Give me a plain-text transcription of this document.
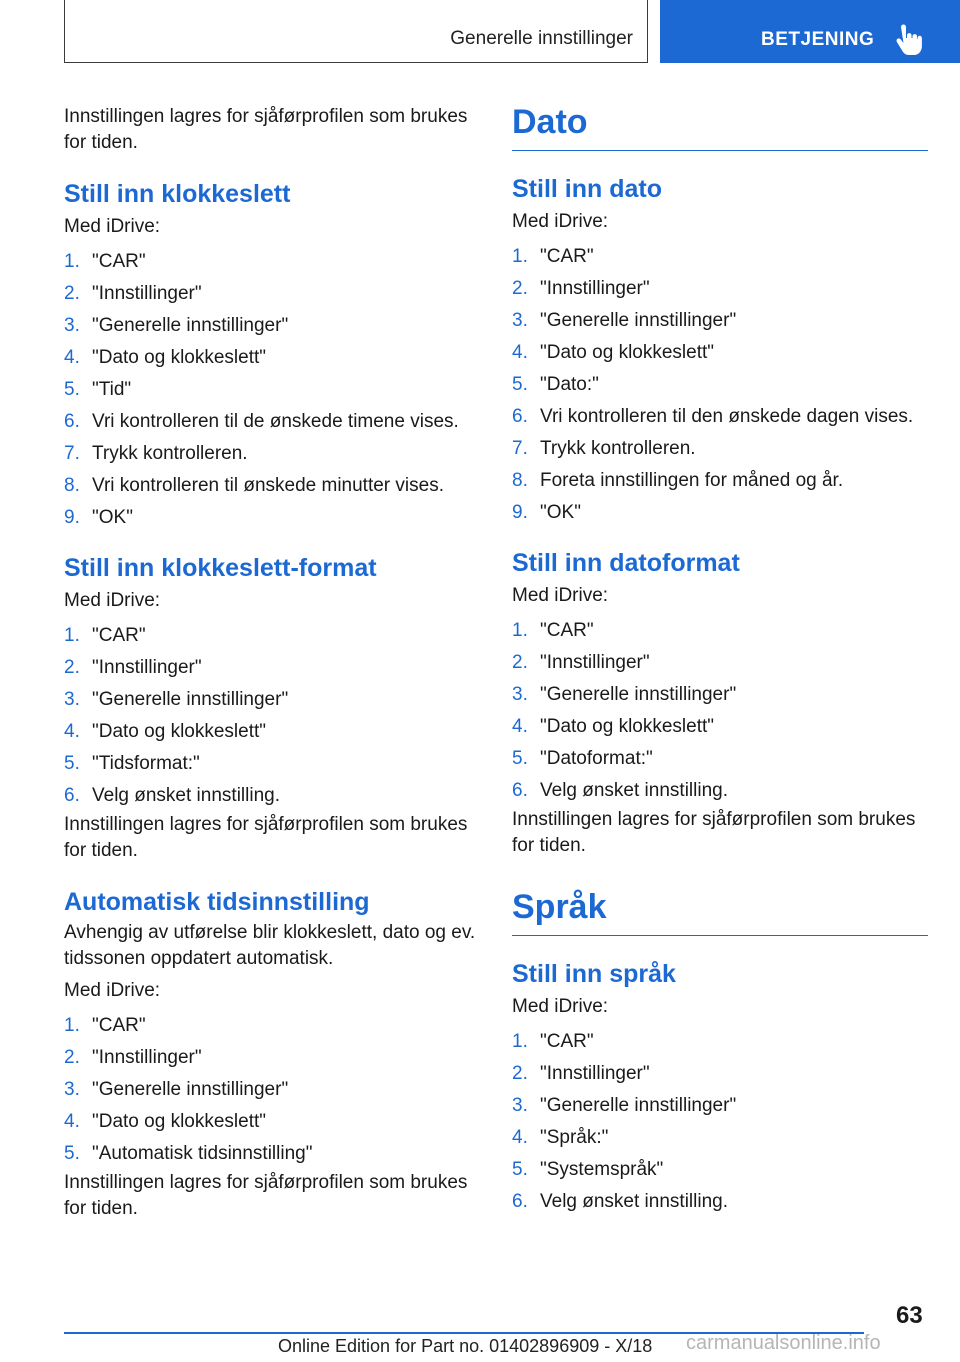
Generelle innstillinger	BETJENING

Innstillingen lagres for sjåførprofilen som brukes for tiden.

Still inn klokkeslett

Med iDrive:

1. "CAR"
2. "Innstillinger"
3. "Generelle innstillinger"
4. "Dato og klokkeslett"
5. "Tid"
6. Vri kontrolleren til de ønskede timene vises.
7. Trykk kontrolleren.
8. Vri kontrolleren til ønskede minutter vises.
9. "OK"
Still inn klokkeslett-format

Med iDrive:

1. "CAR"
2. "Innstillinger"
3. "Generelle innstillinger"
4. "Dato og klokkeslett"
5. "Tidsformat:"
6. Velg ønsket innstilling.

Innstillingen lagres for sjåførprofilen som brukes for tiden.

Automatisk tidsinnstilling

Avhengig av utførelse blir klokkeslett, dato og ev. tidssonen oppdatert automatisk.

Med iDrive:

1. "CAR"
2. "Innstillinger"
3. "Generelle innstillinger"
4. "Dato og klokkeslett"
5. "Automatisk tidsinnstilling"

Innstillingen lagres for sjåførprofilen som brukes for tiden.

Dato
Still inn dato

Med iDrive:

1. "CAR"
2. "Innstillinger"
3. "Generelle innstillinger"
4. "Dato og klokkeslett"
5. "Dato:"
6. Vri kontrolleren til den ønskede dagen vises.
7. Trykk kontrolleren.
8. Foreta innstillingen for måned og år.
9. "OK"
Still inn datoformat

Med iDrive:

1. "CAR"
2. "Innstillinger"
3. "Generelle innstillinger"
4. "Dato og klokkeslett"
5. "Datoformat:"
6. Velg ønsket innstilling.

Innstillingen lagres for sjåførprofilen som brukes for tiden.

Språk
Still inn språk

Med iDrive:

1. "CAR"
2. "Innstillinger"
3. "Generelle innstillinger"
4. "Språk:"
5. "Systemspråk"
6. Velg ønsket innstilling.
63
Online Edition for Part no. 01402896909 - X/18 carmanualsonline.info
